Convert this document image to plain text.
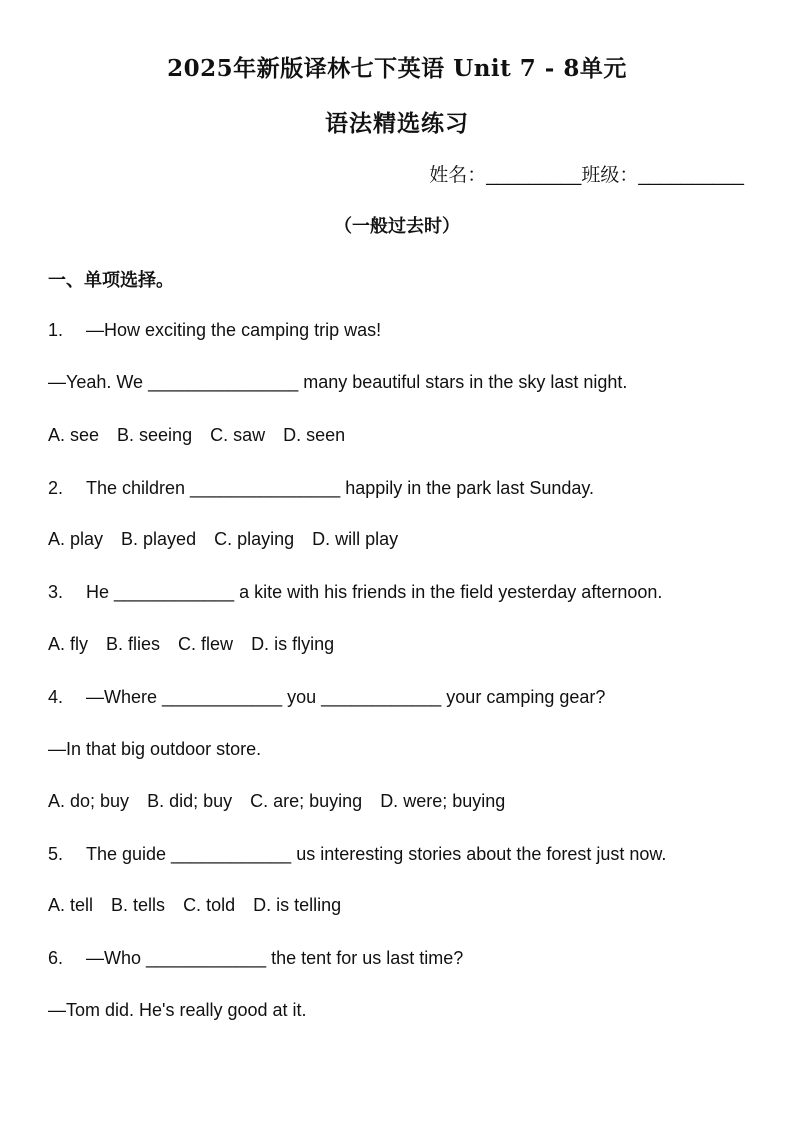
2025年新版译林七下英语 Unit 7 - 8单元
语法精选练习
姓名：_________班级：__________
（一般过去时）
一、单项选择。
1. —How exciting the camping trip was!
—Yeah. We _______________ many beautiful stars in the sky last night.
A. see B. seeing C. saw D. seen
2. The children _______________ happily in the park last Sunday.
A. play B. played C. playing D. will play
3. He ____________ a kite with his friends in the field yesterday afternoon.
A. fly B. flies C. flew D. is flying
4. —Where ____________ you ____________ your camping gear?
—In that big outdoor store.
A. do; buy B. did; buy C. are; buying D. were; buying
5. The guide ____________ us interesting stories about the forest just now.
A. tell B. tells C. told D. is telling
6. —Who ____________ the tent for us last time?
—Tom did. He's really good at it.
